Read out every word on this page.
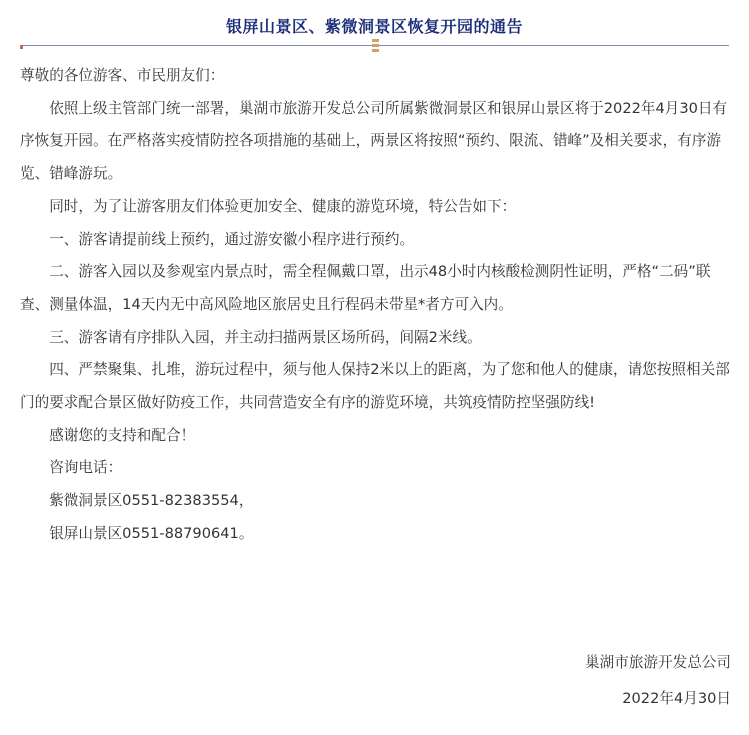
银屏山景区、紫微洞景区恢复开园的通告

尊敬的各位游客、市民朋友们：

依照上级主管部门统一部署，巢湖市旅游开发总公司所属紫微洞景区和银屏山景区将于2022年4月30日有序恢复开园。在严格落实疫情防控各项措施的基础上，两景区将按照“预约、限流、错峰”及相关要求，有序游览、错峰游玩。

同时，为了让游客朋友们体验更加安全、健康的游览环境，特公告如下：

一、游客请提前线上预约，通过游安徽小程序进行预约。

二、游客入园以及参观室内景点时，需全程佩戴口罩，出示48小时内核酸检测阴性证明，严格“二码”联查、测量体温，14天内无中高风险地区旅居史且行程码未带星*者方可入内。

三、游客请有序排队入园，并主动扫描两景区场所码，间隔2米线。

四、严禁聚集、扎堆，游玩过程中，须与他人保持2米以上的距离，为了您和他人的健康，请您按照相关部门的要求配合景区做好防疫工作，共同营造安全有序的游览环境，共筑疫情防控坚强防线!

感谢您的支持和配合！

咨询电话：

紫微洞景区0551-82383554，

银屏山景区0551-88790641。

巢湖市旅游开发总公司
2022年4月30日
